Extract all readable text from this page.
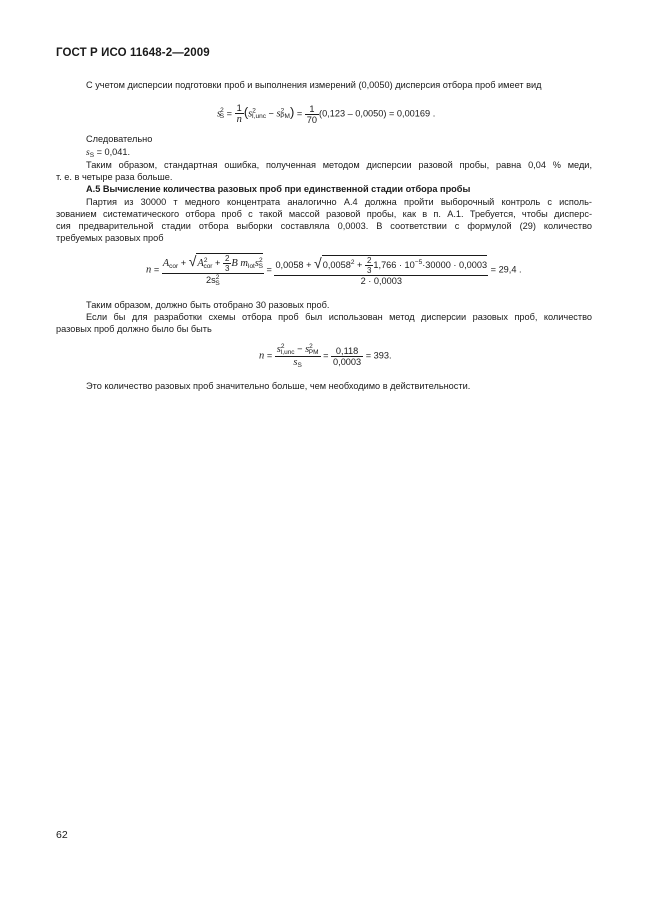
ГОСТ Р ИСО 11648-2—2009
С учетом дисперсии подготовки проб и выполнения измерений (0,0050) дисперсия отбора проб имеет вид
$s^2_S = \frac{1}{n} (s^2_{I,unc} - s^2_{PM}) = \frac{1}{70} (0,123 - 0,0050) = 0,00169$ .
Следовательно
$s_S = 0,041$.
Таким образом, стандартная ошибка, полученная методом дисперсии разовой пробы, равна 0,04 % меди,
т. е. в четыре раза больше.
А.5 Вычисление количества разовых проб при единственной стадии отбора пробы
Партия из 30000 т медного концентрата аналогично А.4 должна пройти выборочный контроль с исполь-
зованием систематического отбора проб с такой массой разовой пробы, как в п. А.1. Требуется, чтобы дисперс-
сия предварительной стадии отбора выборки составляла 0,0003. В соответствии с формулой (29) количество
требуемых разовых проб
$n = \frac{A_{cor} + √A^2_{cor} + \frac{2}{3} B m_{lot}s^2_S}{2s^2_S} = 0,0058 + √0,0058^2 + \frac{2}{3} 1,766 \cdot 10^{-5}\cdot 30000 \cdot 0,0003$
2 · 0,0003
= 29,4 .
Таким образом, должно быть отобрано 30 разовых проб.
Если бы для разработки схемы отбора проб был использован метод дисперсии разовых проб, количество
разовых проб должно было бы быть
$n = \frac{s^2_{I,unc} - s^2_{PM}}{s_S} = \frac{0,118}{0,0003} = 393$.
Это количество разовых проб значительно больше, чем необходимо в действительности.
62
